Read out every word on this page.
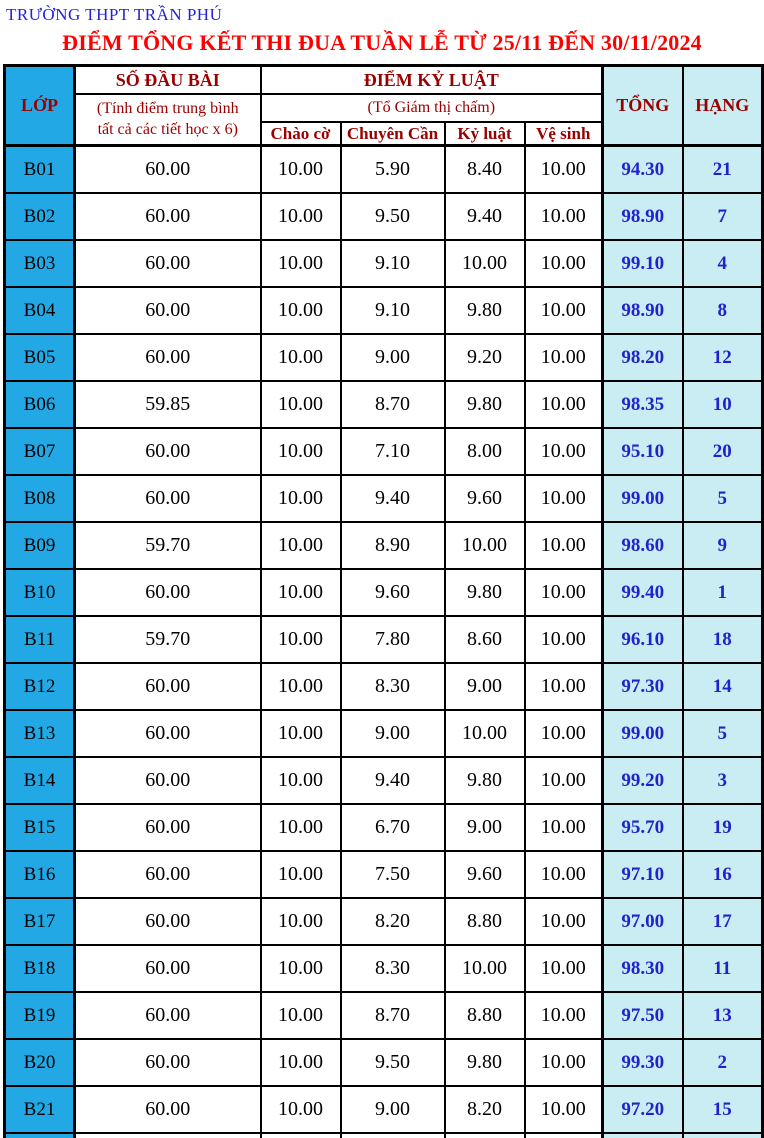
TRƯỜNG THPT TRẦN PHÚ
ĐIỂM TỔNG KẾT THI ĐUA TUẦN LỄ TỪ 25/11 ĐẾN 30/11/2024
LỚP	SỐ ĐẦU BÀI	ĐIỂM KỶ LUẬT				TỔNG	HẠNG
	(Tính điểm trung bình
tất cả các tiết học x 6)	(Tổ Giám thị chấm)					
		Chào cờ	Chuyên Cần	Kỷ luật	Vệ sinh		
B01	60.00	10.00	5.90	8.40	10.00	94.30	21
B02	60.00	10.00	9.50	9.40	10.00	98.90	7
B03	60.00	10.00	9.10	10.00	10.00	99.10	4
B04	60.00	10.00	9.10	9.80	10.00	98.90	8
B05	60.00	10.00	9.00	9.20	10.00	98.20	12
B06	59.85	10.00	8.70	9.80	10.00	98.35	10
B07	60.00	10.00	7.10	8.00	10.00	95.10	20
B08	60.00	10.00	9.40	9.60	10.00	99.00	5
B09	59.70	10.00	8.90	10.00	10.00	98.60	9
B10	60.00	10.00	9.60	9.80	10.00	99.40	1
B11	59.70	10.00	7.80	8.60	10.00	96.10	18
B12	60.00	10.00	8.30	9.00	10.00	97.30	14
B13	60.00	10.00	9.00	10.00	10.00	99.00	5
B14	60.00	10.00	9.40	9.80	10.00	99.20	3
B15	60.00	10.00	6.70	9.00	10.00	95.70	19
B16	60.00	10.00	7.50	9.60	10.00	97.10	16
B17	60.00	10.00	8.20	8.80	10.00	97.00	17
B18	60.00	10.00	8.30	10.00	10.00	98.30	11
B19	60.00	10.00	8.70	8.80	10.00	97.50	13
B20	60.00	10.00	9.50	9.80	10.00	99.30	2
B21	60.00	10.00	9.00	8.20	10.00	97.20	15
